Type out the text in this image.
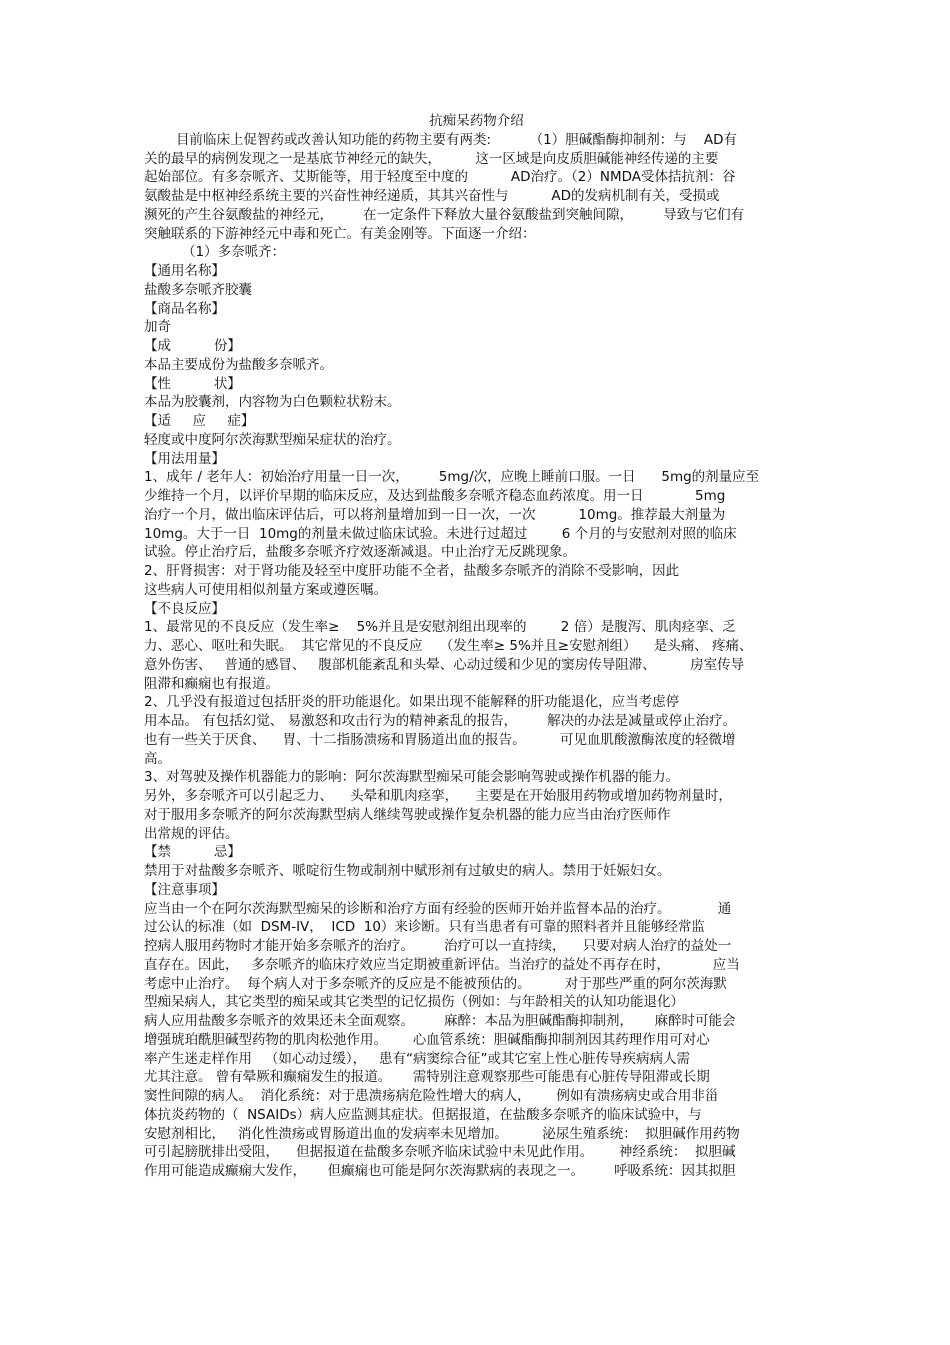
抗痴呆药物介绍
目前临床上促智药或改善认知功能的药物主要有两类:         （1）胆碱酯酶抑制剂：与    AD有
关的最早的病例发现之一是基底节神经元的缺失，        这一区域是向皮质胆碱能神经传递的主要
起始部位。有多奈哌齐、艾斯能等，用于轻度至中度的          AD治疗。（2）NMDA受体拮抗剂：谷
氨酸盐是中枢神经系统主要的兴奋性神经递质，其其兴奋性与          AD的发病机制有关，受损或
濒死的产生谷氨酸盐的神经元，       在一定条件下释放大量谷氨酸盐到突触间隙，       导致与它们有
突触联系的下游神经元中毒和死亡。有美金刚等。下面逐一介绍：
（1）多奈哌齐：
【通用名称】
盐酸多奈哌齐胶囊
【商品名称】
加奇
【成          份】
本品主要成份为盐酸多奈哌齐。
【性          状】
本品为胶囊剂，内容物为白色颗粒状粉末。
【适     应     症】
轻度或中度阿尔茨海默型痴呆症状的治疗。
【用法用量】
1、成年 / 老年人：初始治疗用量一日一次，       5mg/次，应晚上睡前口服。一日      5mg的剂量应至
少维持一个月，以评价早期的临床反应，及达到盐酸多奈哌齐稳态血药浓度。用一日            5mg
治疗一个月，做出临床评估后，可以将剂量增加到一日一次，一次          10mg。推荐最大剂量为
10mg。大于一日  10mg的剂量未做过临床试验。未进行过超过        6 个月的与安慰剂对照的临床
试验。停止治疗后，盐酸多奈哌齐疗效逐渐减退。中止治疗无反跳现象。
2、肝肾损害：对于肾功能及轻至中度肝功能不全者，盐酸多奈哌齐的消除不受影响，因此
这些病人可使用相似剂量方案或遵医嘱。
【不良反应】
1、最常见的不良反应（发生率≥    5%并且是安慰剂组出现率的        2 倍）是腹泻、肌肉痉挛、乏
力、恶心、呕吐和失眠。  其它常见的不良反应    （发生率≥ 5%并且≥安慰剂组）    是头痛、 疼痛、
意外伤害、   普通的感冒、   腹部机能紊乱和头晕、心动过缓和少见的窦房传导阻滞、        房室传导
阻滞和癫痫也有报道。
2、几乎没有报道过包括肝炎的肝功能退化。如果出现不能解释的肝功能退化，应当考虑停
用本品。 有包括幻觉、 易激怒和攻击行为的精神紊乱的报告，       解决的办法是减量或停止治疗。
也有一些关于厌食、    胃、十二指肠溃疡和胃肠道出血的报告。        可见血肌酸激酶浓度的轻微增
高。
3、对驾驶及操作机器能力的影响：阿尔茨海默型痴呆可能会影响驾驶或操作机器的能力。
另外，多奈哌齐可以引起乏力、    头晕和肌肉痉挛，    主要是在开始服用药物或增加药物剂量时，
对于服用多奈哌齐的阿尔茨海默型病人继续驾驶或操作复杂机器的能力应当由治疗医师作
出常规的评估。
【禁          忌】
禁用于对盐酸多奈哌齐、哌啶衍生物或制剂中赋形剂有过敏史的病人。禁用于妊娠妇女。
【注意事项】
应当由一个在阿尔茨海默型痴呆的诊断和治疗方面有经验的医师开始并监督本品的治疗。           通
过公认的标准（如  DSM-IV，  ICD  10）来诊断。只有当患者有可靠的照料者并且能够经常监
控病人服用药物时才能开始多奈哌齐的治疗。       治疗可以一直持续，    只要对病人治疗的益处一
直存在。因此，   多奈哌齐的临床疗效应当定期被重新评估。当治疗的益处不再存在时，          应当
考虑中止治疗。  每个病人对于多奈哌齐的反应是不能被预估的。        对于那些严重的阿尔茨海默
型痴呆病人，其它类型的痴呆或其它类型的记忆损伤（例如：与年龄相关的认知功能退化）
病人应用盐酸多奈哌齐的效果还未全面观察。       麻醉：本品为胆碱酯酶抑制剂，     麻醉时可能会
增强琥珀酰胆碱型药物的肌肉松弛作用。      心血管系统：胆碱酯酶抑制剂因其药理作用可对心
率产生迷走样作用   （如心动过缓），   患有“病窦综合征”或其它室上性心脏传导疾病病人需
尤其注意。 曾有晕厥和癫痫发生的报道。     需特别注意观察那些可能患有心脏传导阻滞或长期
窦性间隙的病人。  消化系统：对于患溃疡病危险性增大的病人，      例如有溃疡病史或合用非甾
体抗炎药物的（  NSAIDs）病人应监测其症状。但据报道，在盐酸多奈哌齐的临床试验中，与
安慰剂相比，   消化性溃疡或胃肠道出血的发病率未见增加。        泌尿生殖系统：  拟胆碱作用药物
可引起膀胱排出受阻，    但据报道在盐酸多奈哌齐临床试验中未见此作用。      神经系统：  拟胆碱
作用可能造成癫痫大发作，     但癫痫也可能是阿尔茨海默病的表现之一。       呼吸系统：因其拟胆
